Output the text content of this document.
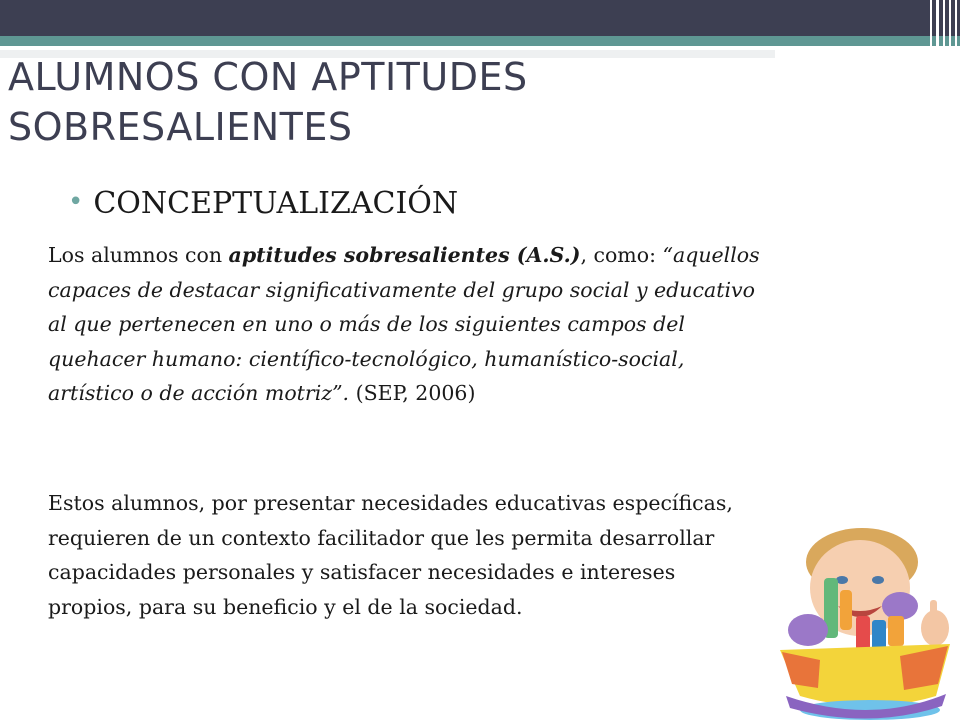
ALUMNOS CON APTITUDES SOBRESALIENTES
• CONCEPTUALIZACIÓN

Los alumnos con aptitudes sobresalientes (A.S.), como: “aquellos capaces de destacar significativamente del grupo social y educativo al que pertenecen en uno o más de los siguientes campos del quehacer humano: científico-tecnológico, humanístico-social, artístico o de acción motriz”. (SEP, 2006)

Estos alumnos, por presentar necesidades educativas específicas, requieren de un contexto facilitador que les permita desarrollar capacidades personales y satisfacer necesidades e intereses propios, para su beneficio y el de la sociedad.
